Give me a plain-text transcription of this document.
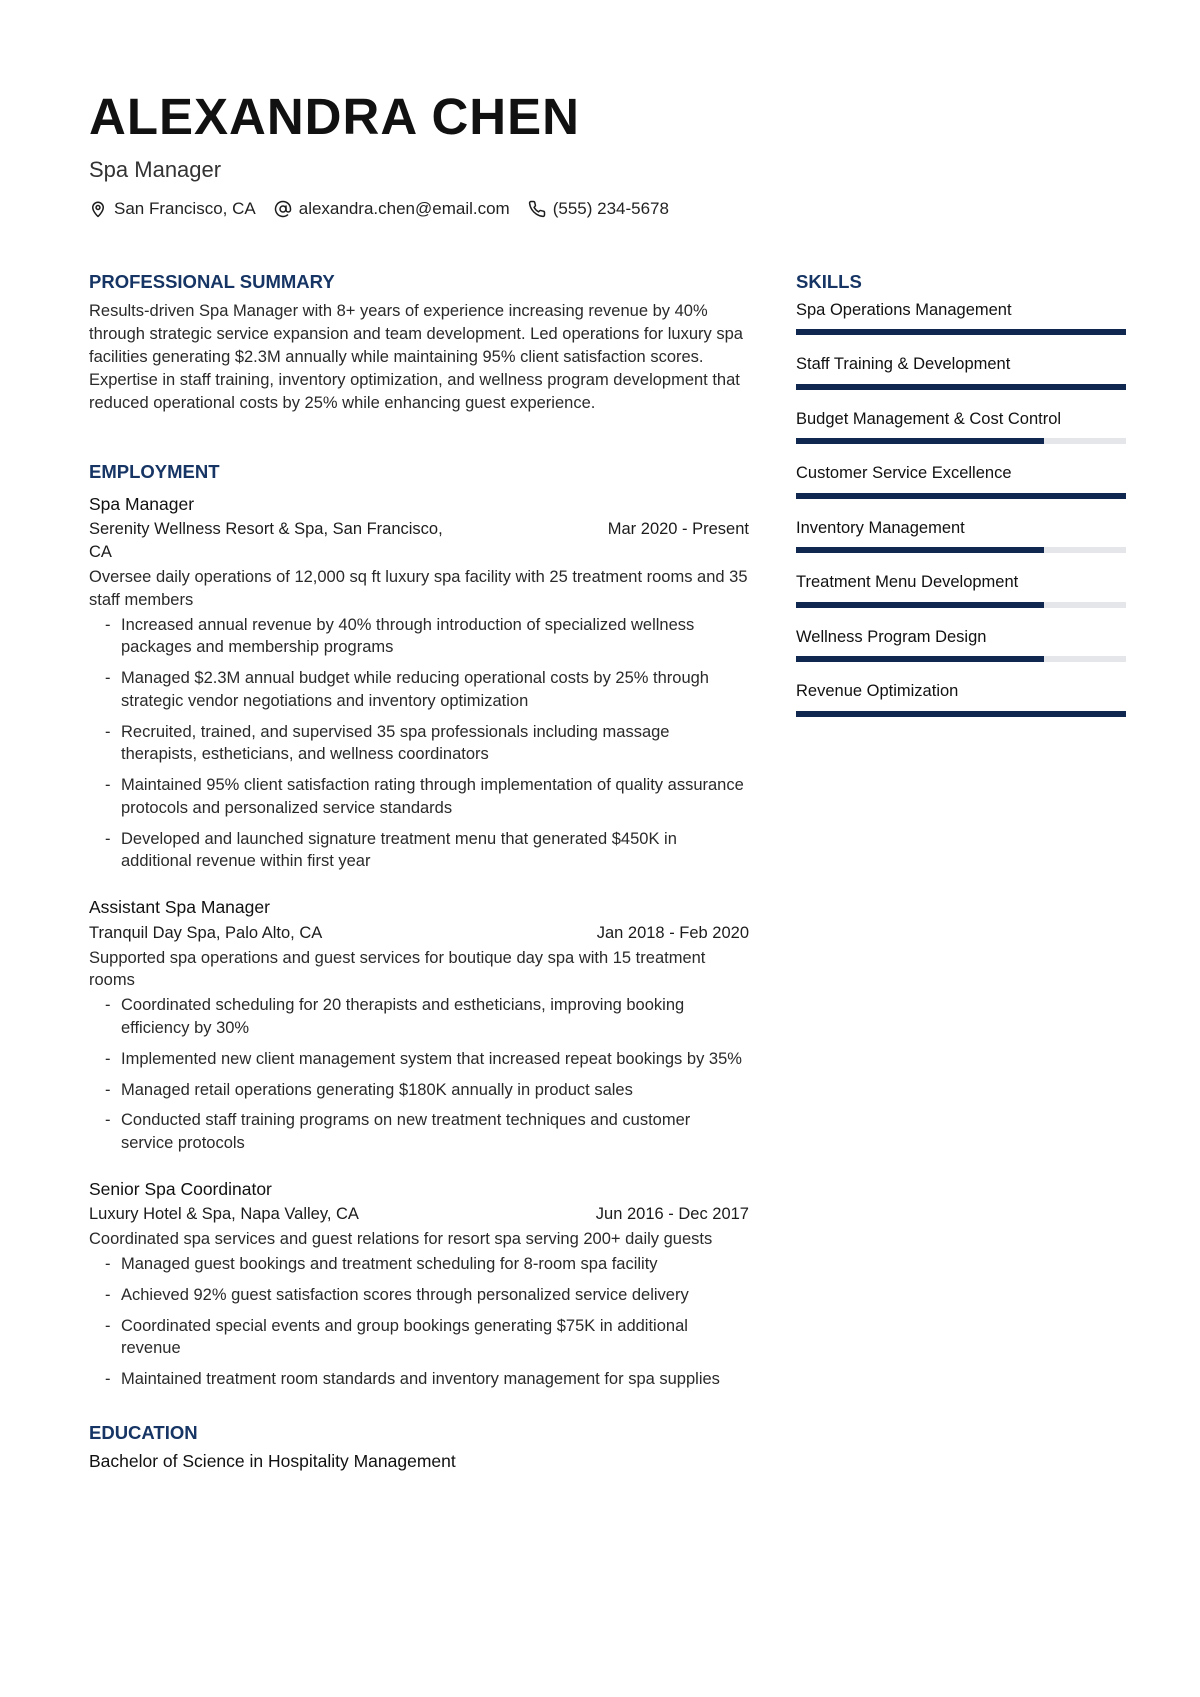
ALEXANDRA CHEN
Spa Manager
San Francisco, CA	alexandra.chen@email.com	(555) 234-5678
PROFESSIONAL SUMMARY

Results-driven Spa Manager with 8+ years of experience increasing revenue by 40% through strategic service expansion and team development. Led operations for luxury spa facilities generating $2.3M annually while maintaining 95% client satisfaction scores. Expertise in staff training, inventory optimization, and wellness program development that reduced operational costs by 25% while enhancing guest experience.

EMPLOYMENT
Spa Manager
Serenity Wellness Resort & Spa, San Francisco, CA
Mar 2020 - Present
Oversee daily operations of 12,000 sq ft luxury spa facility with 25 treatment rooms and 35 staff members
- Increased annual revenue by 40% through introduction of specialized wellness packages and membership programs
- Managed $2.3M annual budget while reducing operational costs by 25% through strategic vendor negotiations and inventory optimization
- Recruited, trained, and supervised 35 spa professionals including massage therapists, estheticians, and wellness coordinators
- Maintained 95% client satisfaction rating through implementation of quality assurance protocols and personalized service standards
- Developed and launched signature treatment menu that generated $450K in additional revenue within first year
Assistant Spa Manager
Tranquil Day Spa, Palo Alto, CA	Jan 2018 - Feb 2020
Supported spa operations and guest services for boutique day spa with 15 treatment rooms
- Coordinated scheduling for 20 therapists and estheticians, improving booking efficiency by 30%
- Implemented new client management system that increased repeat bookings by 35%
- Managed retail operations generating $180K annually in product sales
- Conducted staff training programs on new treatment techniques and customer service protocols
Senior Spa Coordinator
Luxury Hotel & Spa, Napa Valley, CA	Jun 2016 - Dec 2017
Coordinated spa services and guest relations for resort spa serving 200+ daily guests
- Managed guest bookings and treatment scheduling for 8-room spa facility
- Achieved 92% guest satisfaction scores through personalized service delivery
- Coordinated special events and group bookings generating $75K in additional revenue
- Maintained treatment room standards and inventory management for spa supplies
EDUCATION
Bachelor of Science in Hospitality Management
SKILLS
Spa Operations Management
Staff Training & Development
Budget Management & Cost Control
Customer Service Excellence
Inventory Management
Treatment Menu Development
Wellness Program Design
Revenue Optimization
